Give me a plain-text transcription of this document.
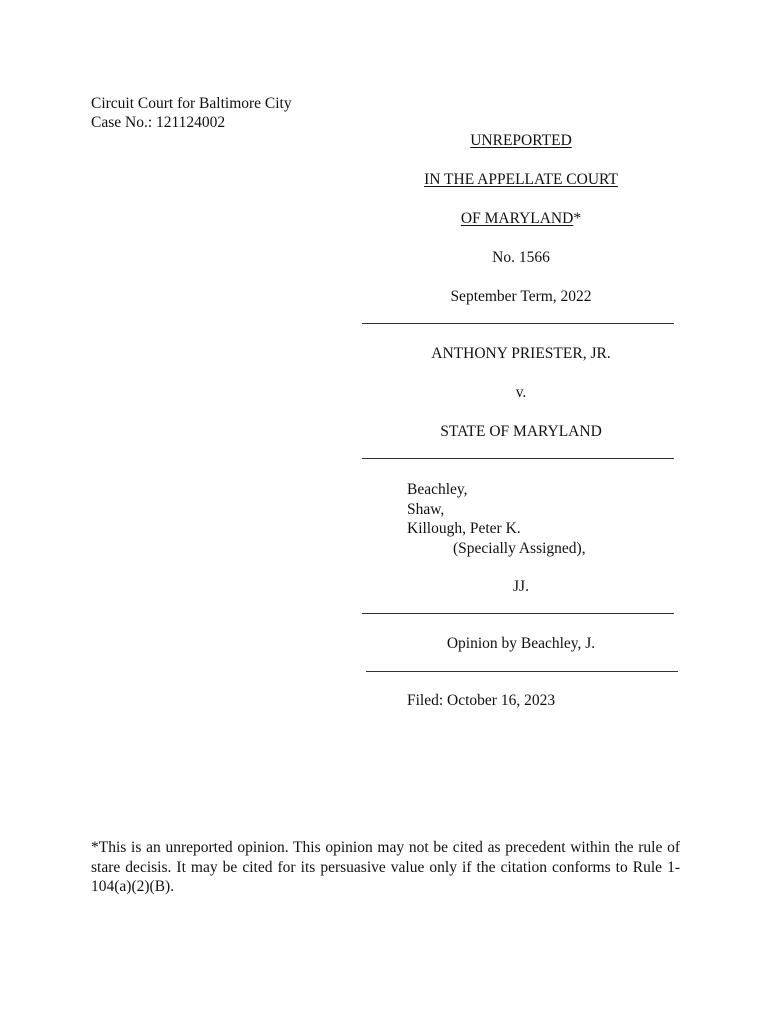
Circuit Court for Baltimore City
Case No.: 121124002
UNREPORTED
IN THE APPELLATE COURT
OF MARYLAND*
No. 1566
September Term, 2022
ANTHONY PRIESTER, JR.
v.
STATE OF MARYLAND
Beachley,
Shaw,
Killough, Peter K.
(Specially Assigned),
JJ.
Opinion by Beachley, J.
Filed: October 16, 2023
*This is an unreported opinion. This opinion may not be cited as precedent within the rule of stare decisis. It may be cited for its persuasive value only if the citation conforms to Rule 1-104(a)(2)(B).
